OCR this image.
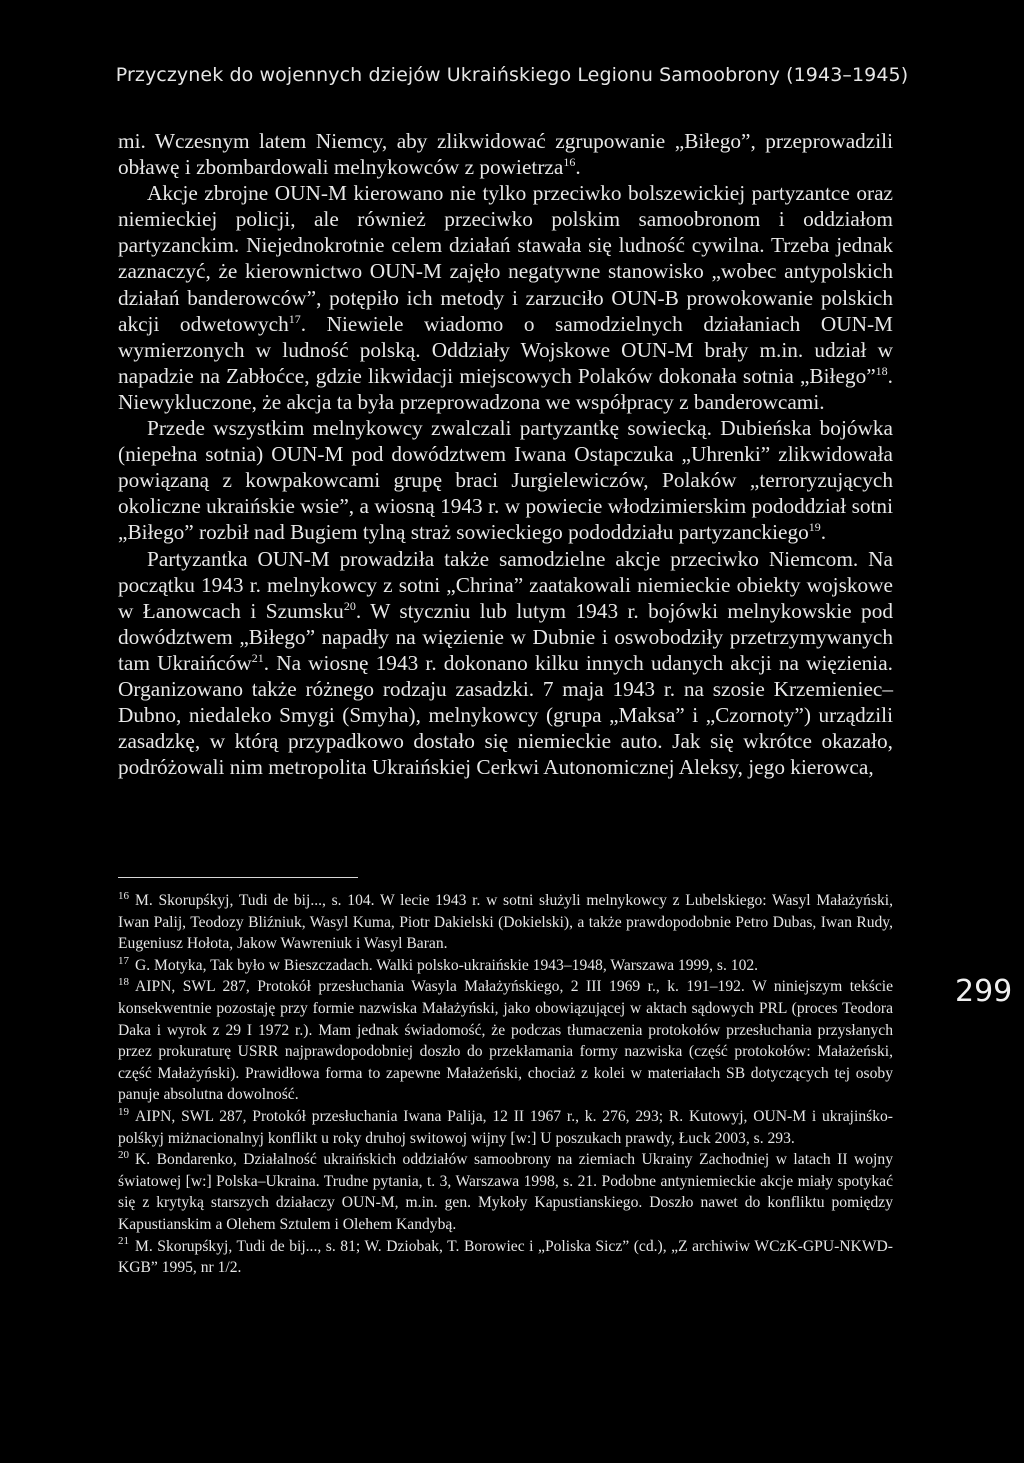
Przyczynek do wojennych dziejów Ukraińskiego Legionu Samoobrony (1943–1945)

mi. Wczesnym latem Niemcy, aby zlikwidować zgrupowanie „Biłego”, przeprowadzili obławę i zbombardowali melnykowców z powietrza$^{16}$.

Akcje zbrojne OUN-M kierowano nie tylko przeciwko bolszewickiej partyzantce oraz niemieckiej policji, ale również przeciwko polskim samoobronom i oddziałom partyzanckim. Niejednokrotnie celem działań stawała się ludność cywilna. Trzeba jednak zaznaczyć, że kierownictwo OUN-M zajęło negatywne stanowisko „wobec antypolskich działań banderowców”, potępiło ich metody i zarzuciło OUN-B prowokowanie polskich akcji odwetowych$^{17}$. Niewiele wiadomo o samodzielnych działaniach OUN-M wymierzonych w ludność polską. Oddziały Wojskowe OUN-M brały m.in. udział w napadzie na Zabłoćce, gdzie likwidacji miejscowych Polaków dokonała sotnia „Biłego”$^{18}$. Niewykluczone, że akcja ta była przeprowadzona we współpracy z banderowcami.

Przede wszystkim melnykowcy zwalczali partyzantkę sowiecką. Dubieńska bojówka (niepełna sotnia) OUN-M pod dowództwem Iwana Ostapczuka „Uhrenki” zlikwidowała powiązaną z kowpakowcami grupę braci Jurgielewiczów, Polaków „terroryzujących okoliczne ukraińskie wsie”, a wiosną 1943 r. w powiecie włodzimierskim pododdział sotni „Biłego” rozbił nad Bugiem tylną straż sowieckiego pododdziału partyzanckiego$^{19}$.

Partyzantka OUN-M prowadziła także samodzielne akcje przeciwko Niemcom. Na początku 1943 r. melnykowcy z sotni „Chrina” zaatakowali niemieckie obiekty wojskowe w Łanowcach i Szumsku$^{20}$. W styczniu lub lutym 1943 r. bojówki melnykowskie pod dowództwem „Biłego” napadły na więzienie w Dubnie i oswobodziły przetrzymywanych tam Ukraińców$^{21}$. Na wiosnę 1943 r. dokonano kilku innych udanych akcji na więzienia. Organizowano także różnego rodzaju zasadzki. 7 maja 1943 r. na szosie Krzemieniec–Dubno, niedaleko Smygi (Smyha), melnykowcy (grupa „Maksa” i „Czornoty”) urządzili zasadzkę, w którą przypadkowo dostało się niemieckie auto. Jak się wkrótce okazało, podróżowali nim metropolita Ukraińskiej Cerkwi Autonomicznej Aleksy, jego kierowca,

$^{16}$ M. Skorupśkyj, Tudi de bij..., s. 104. W lecie 1943 r. w sotni służyli melnykowcy z Lubelskiego: Wasyl Małażyński, Iwan Palij, Teodozy Bliźniuk, Wasyl Kuma, Piotr Dakielski (Dokielski), a także prawdopodobnie Petro Dubas, Iwan Rudy, Eugeniusz Hołota, Jakow Wawreniuk i Wasyl Baran.

$^{17}$ G. Motyka, Tak było w Bieszczadach. Walki polsko-ukraińskie 1943–1948, Warszawa 1999, s. 102.

$^{18}$ AIPN, SWL 287, Protokół przesłuchania Wasyla Małażyńskiego, 2 III 1969 r., k. 191–192. W niniejszym tekście konsekwentnie pozostaję przy formie nazwiska Małażyński, jako obowiązującej w aktach sądowych PRL (proces Teodora Daka i wyrok z 29 I 1972 r.). Mam jednak świadomość, że podczas tłumaczenia protokołów przesłuchania przysłanych przez prokuraturę USRR najprawdopodobniej doszło do przekłamania formy nazwiska (część protokołów: Małażeński, część Małażyński). Prawidłowa forma to zapewne Małażeński, chociaż z kolei w materiałach SB dotyczących tej osoby panuje absolutna dowolność.

$^{19}$ AIPN, SWL 287, Protokół przesłuchania Iwana Palija, 12 II 1967 r., k. 276, 293; R. Kutowyj, OUN-M i ukrajinśko-polśkyj miżnacionalnyj konflikt u roky druhoj switowoj wijny [w:] U poszukach prawdy, Łuck 2003, s. 293.

$^{20}$ K. Bondarenko, Działalność ukraińskich oddziałów samoobrony na ziemiach Ukrainy Zachodniej w latach II wojny światowej [w:] Polska–Ukraina. Trudne pytania, t. 3, Warszawa 1998, s. 21. Podobne antyniemieckie akcje miały spotykać się z krytyką starszych działaczy OUN-M, m.in. gen. Mykoły Kapustianskiego. Doszło nawet do konfliktu pomiędzy Kapustianskim a Olehem Sztulem i Olehem Kandybą.

$^{21}$ M. Skorupśkyj, Tudi de bij..., s. 81; W. Dziobak, T. Borowiec i „Poliska Sicz” (cd.), „Z archiwiw WCzK-GPU-NKWD-KGB” 1995, nr 1/2.

299
